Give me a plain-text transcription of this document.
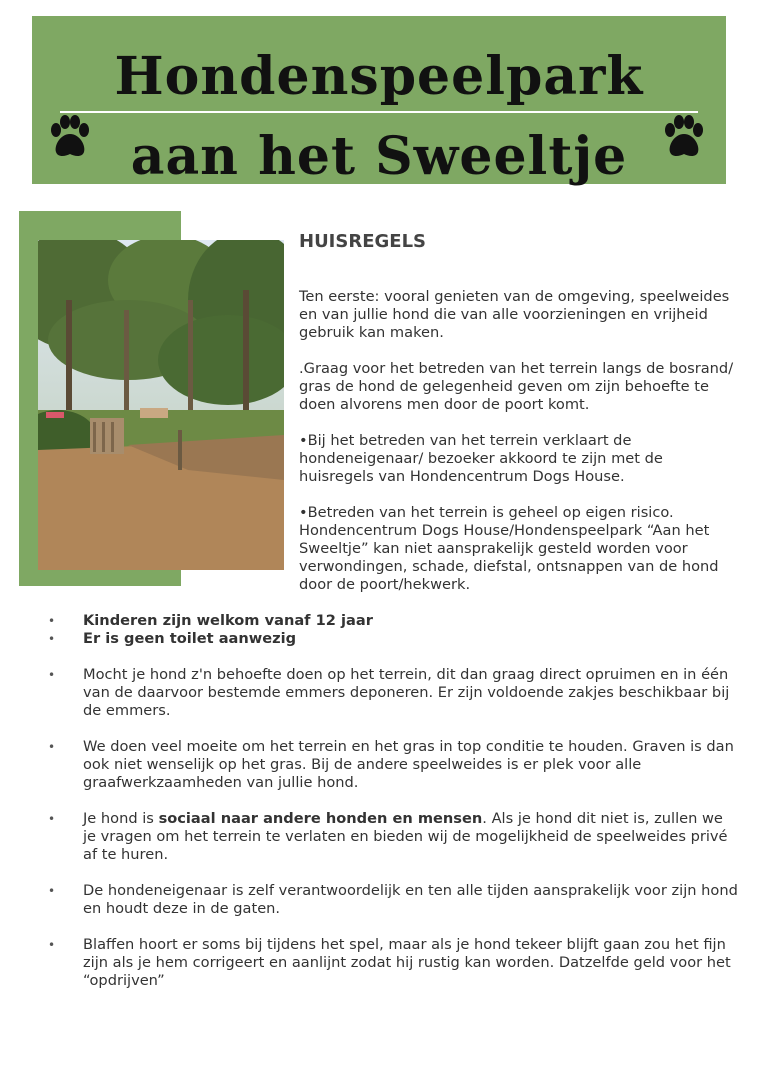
Hondenspeelpark
aan het Sweeltje
HUISREGELS
Ten eerste: vooral genieten van de omgeving, speelweides en van jullie hond die van alle voorzieningen en vrijheid gebruik kan maken.
.Graag voor het betreden van het terrein langs de bosrand/ gras de hond de gelegenheid geven om zijn behoefte te doen alvorens men door de poort komt.
•Bij het betreden van het terrein verklaart de hondeneigenaar/ bezoeker akkoord te zijn met de huisregels van Hondencentrum Dogs House.
•Betreden van het terrein is geheel op eigen risico. Hondencentrum Dogs House/Hondenspeelpark “Aan het Sweeltje” kan niet aansprakelijk gesteld worden voor verwondingen, schade, diefstal, ontsnappen van de hond door de poort/hekwerk.
• Kinderen zijn welkom vanaf 12 jaar
• Er is geen toilet aanwezig
• Mocht je hond z'n behoefte doen op het terrein, dit dan graag direct opruimen en in één van de daarvoor bestemde emmers deponeren. Er zijn voldoende zakjes beschikbaar bij de emmers.
• We doen veel moeite om het terrein en het gras in top conditie te houden. Graven is dan ook niet wenselijk op het gras. Bij de andere speelweides is er plek voor alle graafwerkzaamheden van jullie hond.
• Je hond is sociaal naar andere honden en mensen. Als je hond dit niet is, zullen we je vragen om het terrein te verlaten en bieden wij de mogelijkheid de speelweides privé af te huren.
• De hondeneigenaar is zelf verantwoordelijk en ten alle tijden aansprakelijk voor zijn hond en houdt deze in de gaten.
• Blaffen hoort er soms bij tijdens het spel, maar als je hond tekeer blijft gaan zou het fijn zijn als je hem corrigeert en aanlijnt zodat hij rustig kan worden. Datzelfde geld voor het “opdrijven”
